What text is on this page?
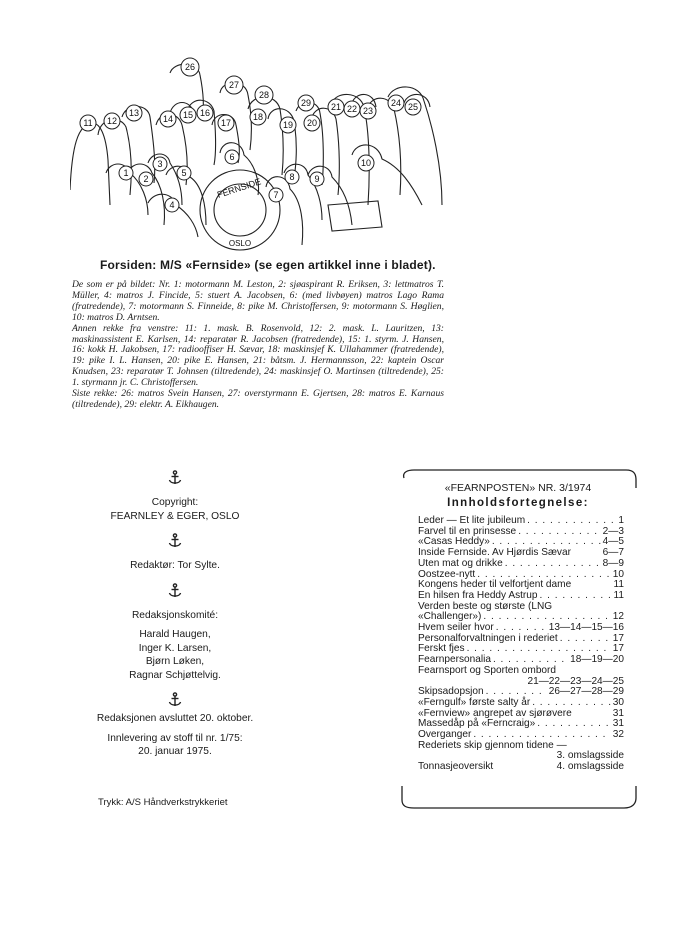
1
2
3
4
5
6
7
8 9
10
11 12
13
14 15 16
17
18
19 20
21 22 23
24 25
26
27
28
29
FERNSIDE
OSLO
Forsiden: M/S «Fernside» (se egen artikkel inne i bladet).

De som er på bildet: Nr. 1: motormann M. Leston, 2: sjøaspirant R. Eriksen, 3: lettmatros T. Müller, 4: matros J. Fincide, 5: stuert A. Jacobsen, 6: (med livbøyen) matros Lago Rama (fratredende), 7: motormann S. Finneide, 8: pike M. Christoffersen, 9: motormann S. Høglien, 10: matros D. Arntsen.

Annen rekke fra venstre: 11: 1. mask. B. Rosenvold, 12: 2. mask. L. Lauritzen, 13: maskinassistent E. Karlsen, 14: reparatør R. Jacobsen (fratredende), 15: 1. styrm. J. Hansen, 16: kokk H. Jakobsen, 17: radiooffiser H. Sævar, 18: maskinsjef K. Ullahammer (fratredende), 19: pike I. L. Hansen, 20: pike E. Hansen, 21: båtsm. J. Hermannsson, 22: kaptein Oscar Knudsen, 23: reparatør T. Johnsen (tiltredende), 24: maskinsjef O. Martinsen (tiltredende), 25: 1. styrmann jr. C. Christoffersen.

Siste rekke: 26: matros Svein Hansen, 27: overstyrmann E. Gjertsen, 28: matros E. Karnaus (tiltredende), 29: elektr. A. Eikhaugen.

Copyright:
FEARNLEY & EGER, OSLO
Redaktør: Tor Sylte.
Redaksjonskomité:
Harald Haugen,
Inger K. Larsen,
Bjørn Løken,
Ragnar Schjøttelvig.
Redaksjonen avsluttet 20. oktober.
Innlevering av stoff til nr. 1/75:
20. januar 1975.
Trykk: A/S Håndverkstrykkeriet
«FEARNPOSTEN» NR. 3/1974
Innholdsfortegnelse:
Leder — Et lite jubileum . . .	1
Farvel til en prinsesse . . .	2—3
«Casas Heddy» . . .	4—5
Inside Fernside. Av Hjørdis Sævar	6—7
Uten mat og drikke . . .	8—9
Oostzee-nytt . . .	10
Kongens heder til velfortjent dame	11
En hilsen fra Heddy Astrup . . .	11
Verden beste og største (LNG
«Challenger») . . .	12
Hvem seiler hvor . . .	13—14—15—16
Personalforvaltningen i rederiet . . .	17
Ferskt fjes . . .	17
Fearnpersonalia . . .	18—19—20
Fearnsport og Sporten ombord
21—22—23—24—25
Skipsadopsjon . . .	26—27—28—29
«Ferngulf» første salty år . . .	30
«Fernview» angrepet av sjørøvere	31
Massedåp på «Ferncraig» . . .	31
Overganger . . .	32
Rederiets skip gjennom tidene —
3. omslagsside
Tonnasjeoversikt	4. omslagsside
